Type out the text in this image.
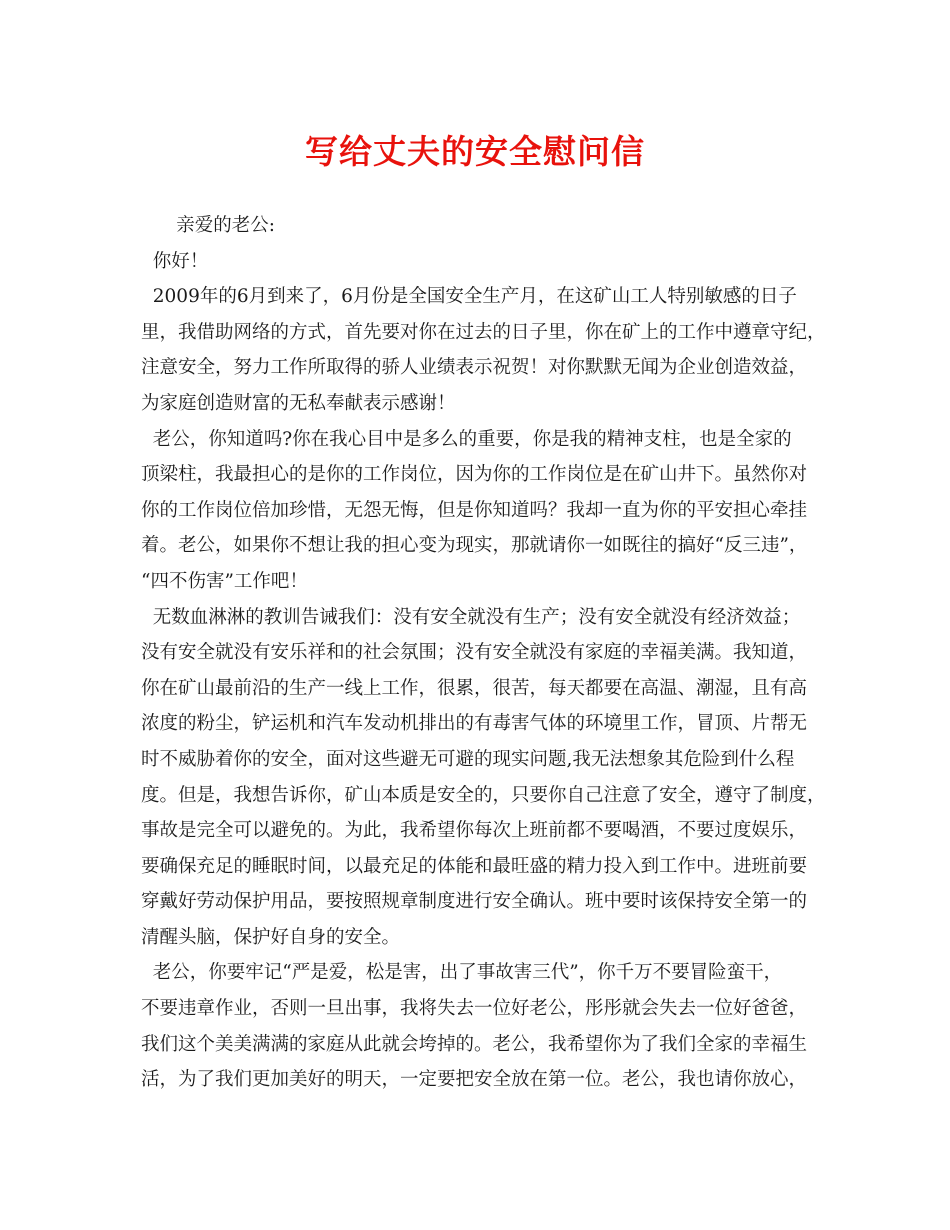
写给丈夫的安全慰问信
亲爱的老公:
你好！
2009年的6月到来了，6月份是全国安全生产月，在这矿山工人特别敏感的日子
里，我借助网络的方式，首先要对你在过去的日子里，你在矿上的工作中遵章守纪，
注意安全，努力工作所取得的骄人业绩表示祝贺！对你默默无闻为企业创造效益，
为家庭创造财富的无私奉献表示感谢！
老公，你知道吗?你在我心目中是多么的重要，你是我的精神支柱，也是全家的
顶梁柱，我最担心的是你的工作岗位，因为你的工作岗位是在矿山井下。虽然你对
你的工作岗位倍加珍惜，无怨无悔，但是你知道吗？我却一直为你的平安担心牵挂
着。老公，如果你不想让我的担心变为现实，那就请你一如既往的搞好“反三违”，
“四不伤害”工作吧！
无数血淋淋的教训告诫我们：没有安全就没有生产；没有安全就没有经济效益；
没有安全就没有安乐祥和的社会氛围；没有安全就没有家庭的幸福美满。我知道，
你在矿山最前沿的生产一线上工作，很累，很苦，每天都要在高温、潮湿，且有高
浓度的粉尘，铲运机和汽车发动机排出的有毒害气体的环境里工作，冒顶、片帮无
时不威胁着你的安全，面对这些避无可避的现实问题,我无法想象其危险到什么程
度。但是，我想告诉你，矿山本质是安全的，只要你自己注意了安全，遵守了制度，
事故是完全可以避免的。为此，我希望你每次上班前都不要喝酒，不要过度娱乐，
要确保充足的睡眠时间，以最充足的体能和最旺盛的精力投入到工作中。进班前要
穿戴好劳动保护用品，要按照规章制度进行安全确认。班中要时该保持安全第一的
清醒头脑，保护好自身的安全。
老公，你要牢记“严是爱，松是害，出了事故害三代”，你千万不要冒险蛮干，
不要违章作业，否则一旦出事，我将失去一位好老公，彤彤就会失去一位好爸爸，
我们这个美美满满的家庭从此就会垮掉的。老公，我希望你为了我们全家的幸福生
活，为了我们更加美好的明天，一定要把安全放在第一位。老公，我也请你放心，
